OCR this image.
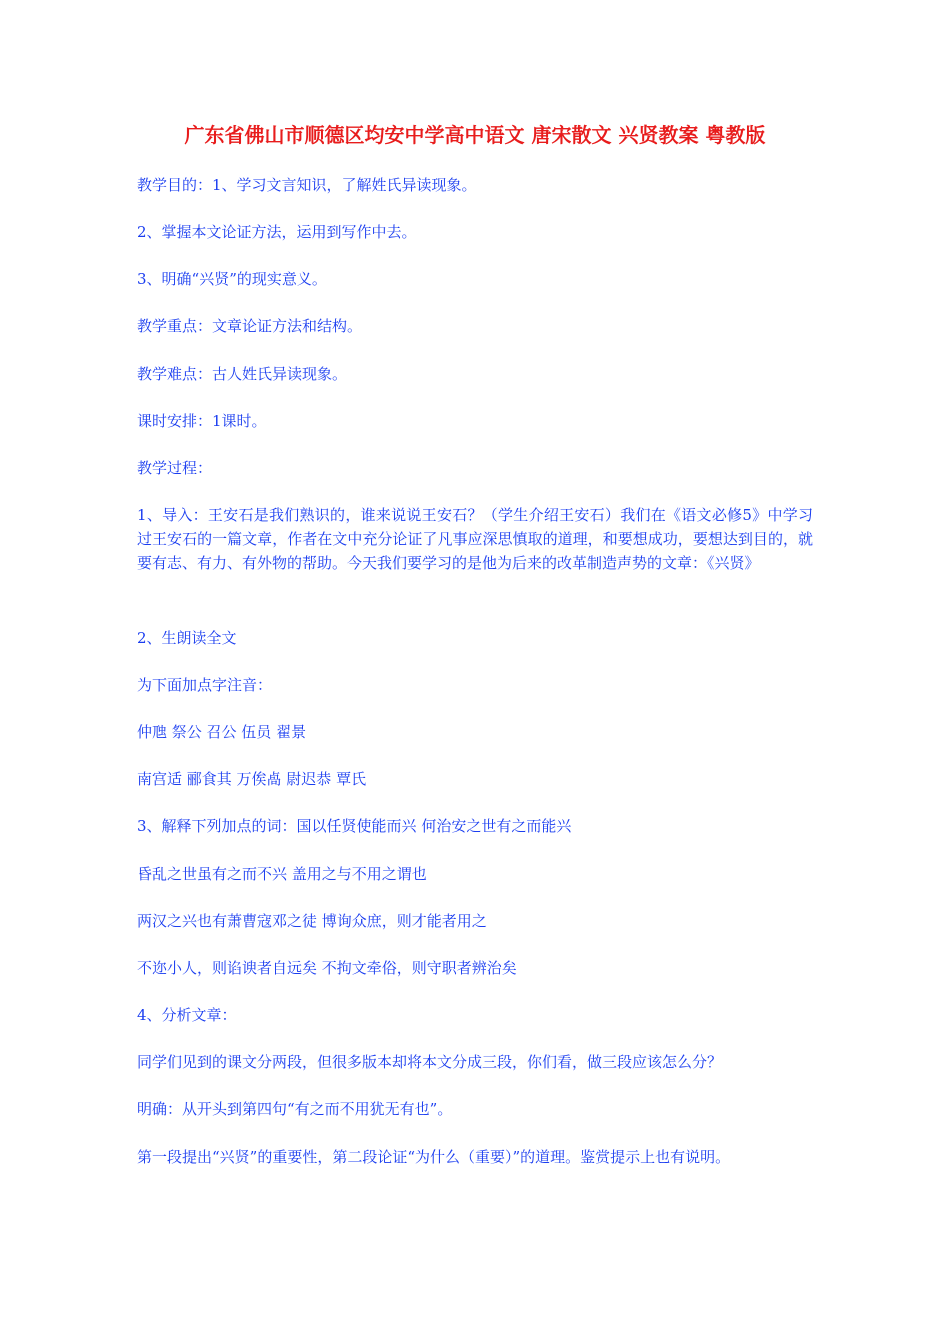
广东省佛山市顺德区均安中学高中语文 唐宋散文 兴贤教案 粤教版

教学目的：1、学习文言知识，了解姓氏异读现象。

2、掌握本文论证方法，运用到写作中去。

3、明确“兴贤”的现实意义。

教学重点：文章论证方法和结构。

教学难点：古人姓氏异读现象。

课时安排：1课时。

教学过程：

1、导入：王安石是我们熟识的，谁来说说王安石？（学生介绍王安石）我们在《语文必修5》中学习过王安石的一篇文章，作者在文中充分论证了凡事应深思慎取的道理，和要想成功，要想达到目的，就要有志、有力、有外物的帮助。今天我们要学习的是他为后来的改革制造声势的文章：《兴贤》

2、生朗读全文

为下面加点字注音：

仲虺 祭公 召公 伍员 翟景

南宫适 郦食其 万俟卨 尉迟恭 覃氏

3、解释下列加点的词：国以任贤使能而兴 何治安之世有之而能兴

昏乱之世虽有之而不兴 盖用之与不用之谓也

两汉之兴也有萧曹寇邓之徒 博询众庶，则才能者用之

不迩小人，则谄谀者自远矣 不拘文牵俗，则守职者辨治矣

4、分析文章：

同学们见到的课文分两段，但很多版本却将本文分成三段，你们看，做三段应该怎么分？

明确：从开头到第四句“有之而不用犹无有也”。

第一段提出“兴贤”的重要性，第二段论证“为什么（重要）”的道理。鉴赏提示上也有说明。
